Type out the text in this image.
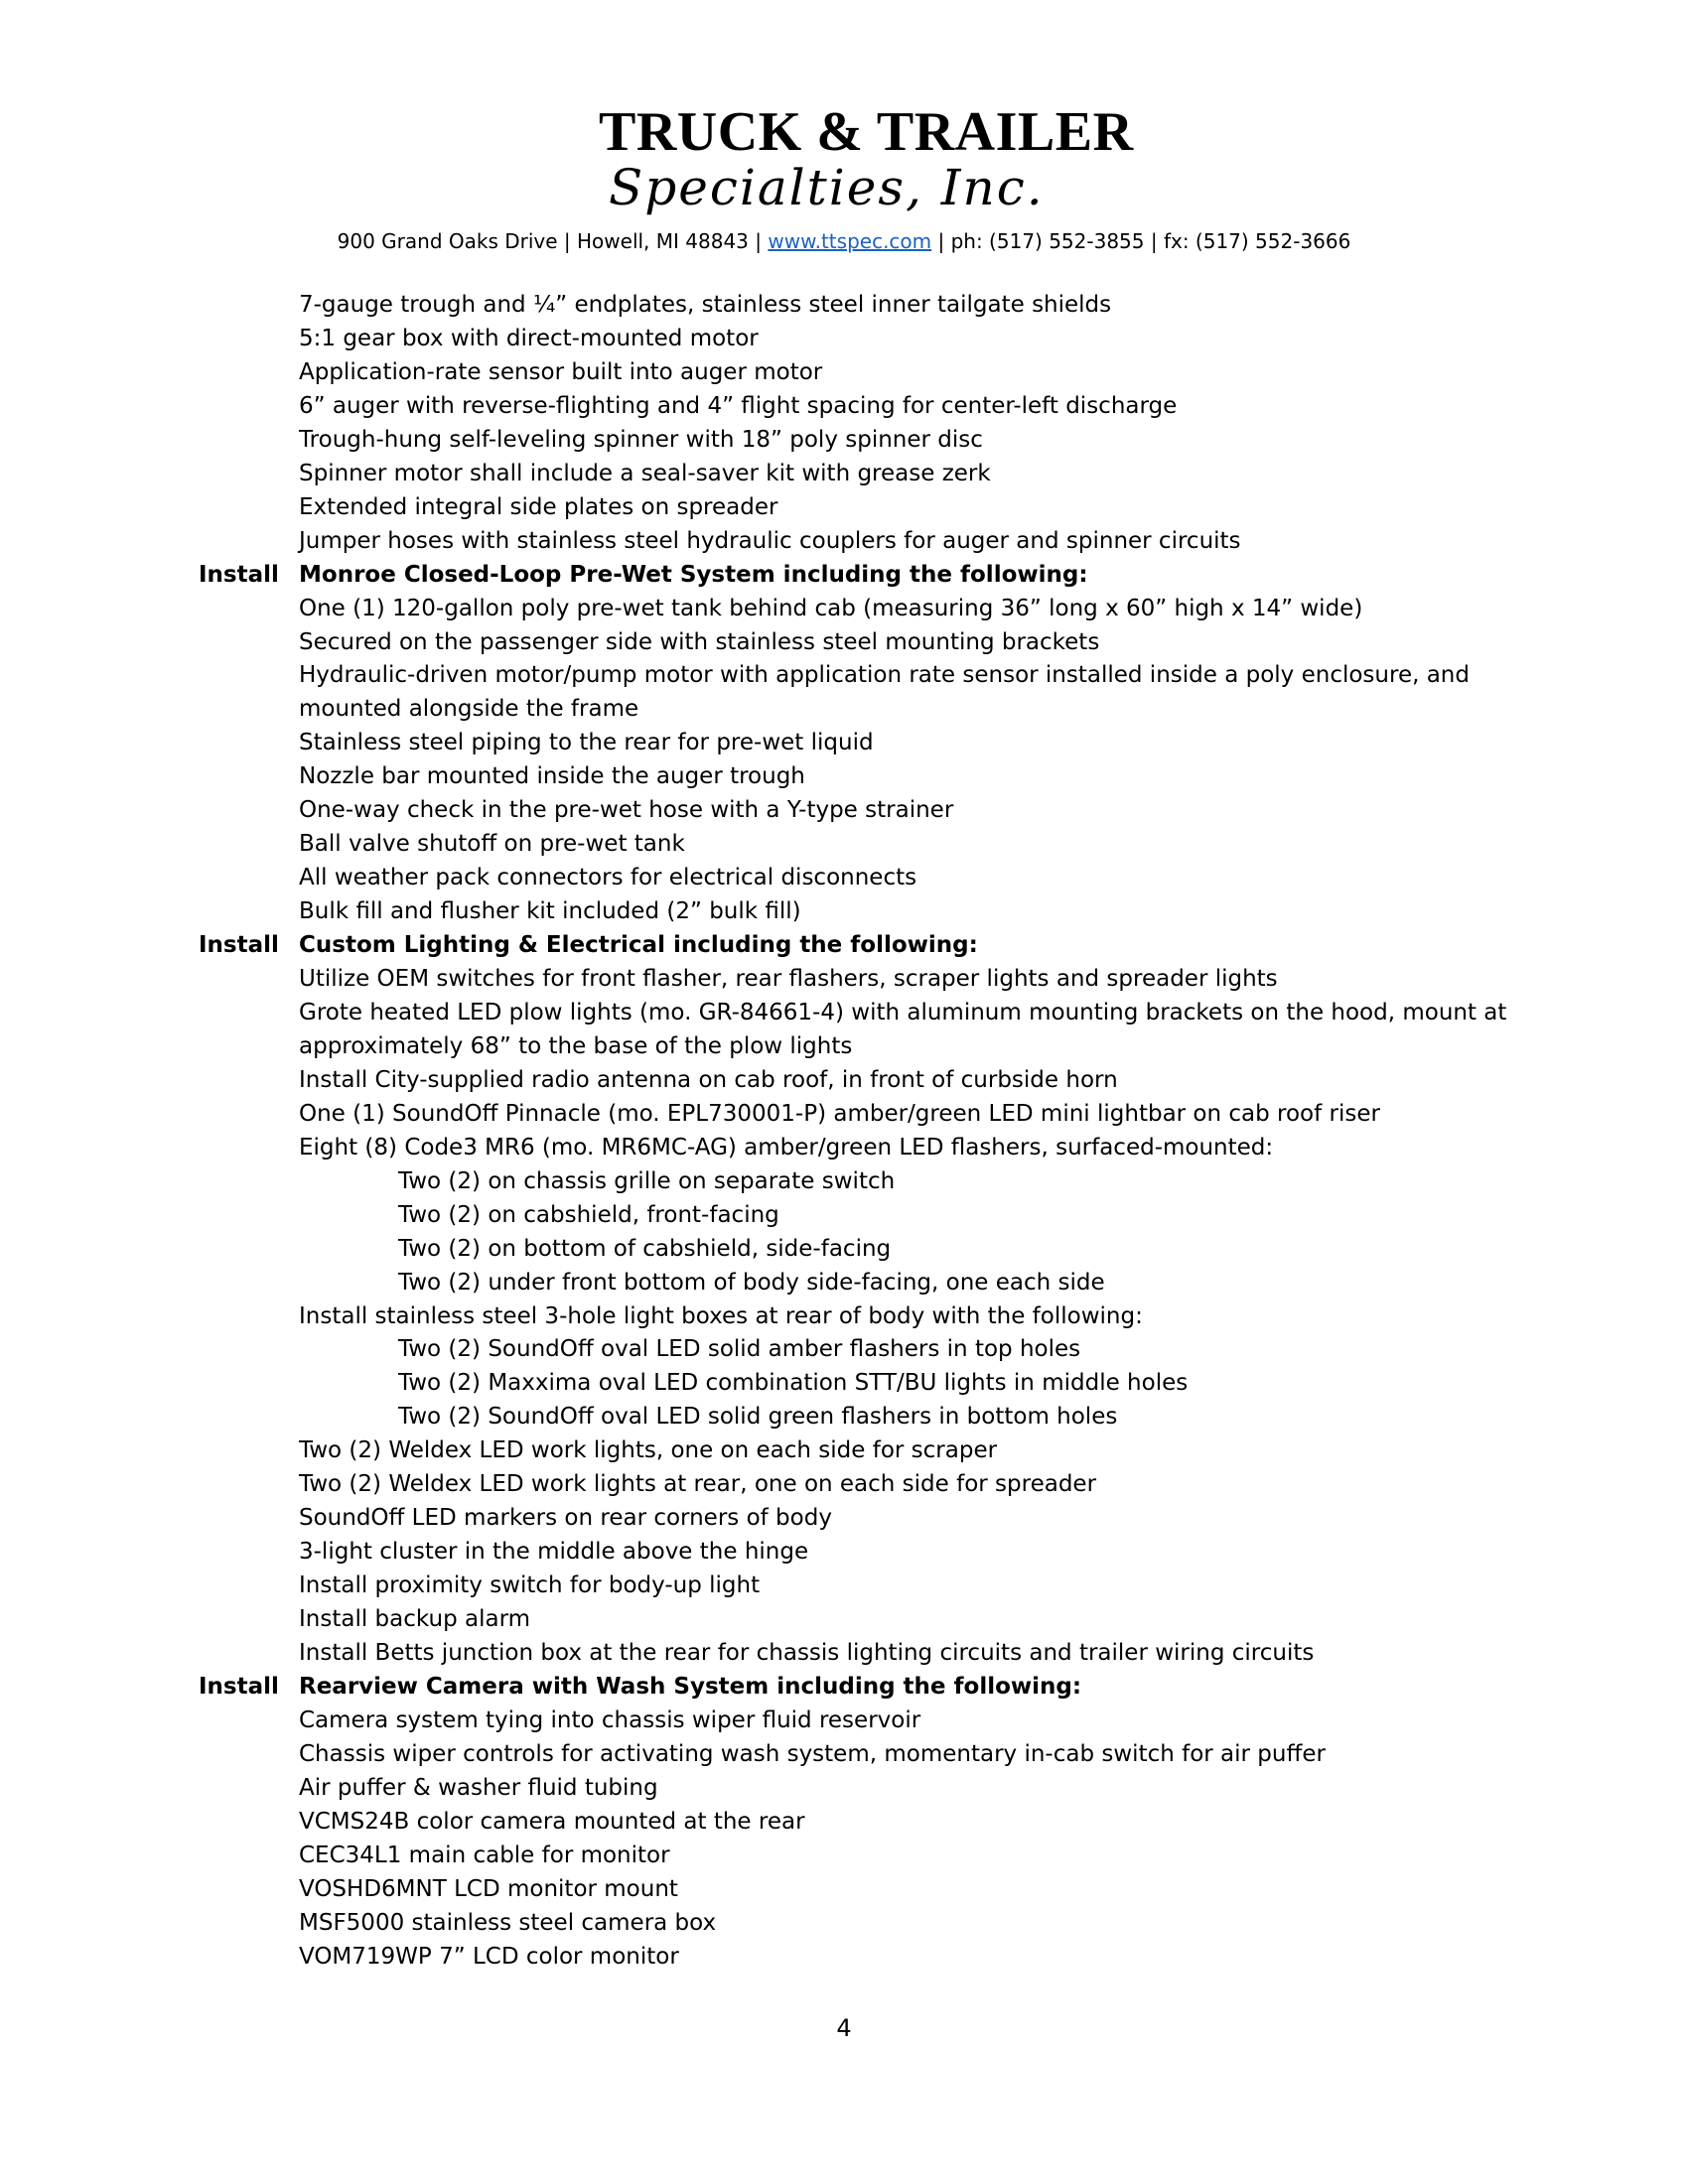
TRUCK & TRAILER
Specialties, Inc.
900 Grand Oaks Drive | Howell, MI 48843 | www.ttspec.com | ph: (517) 552-3855 | fx: (517) 552-3666
7-gauge trough and ¼” endplates, stainless steel inner tailgate shields
5:1 gear box with direct-mounted motor
Application-rate sensor built into auger motor
6” auger with reverse-flighting and 4” flight spacing for center-left discharge
Trough-hung self-leveling spinner with 18” poly spinner disc
Spinner motor shall include a seal-saver kit with grease zerk
Extended integral side plates on spreader
Jumper hoses with stainless steel hydraulic couplers for auger and spinner circuits
Install Monroe Closed-Loop Pre-Wet System including the following:
One (1) 120-gallon poly pre-wet tank behind cab (measuring 36” long x 60” high x 14” wide)
Secured on the passenger side with stainless steel mounting brackets
Hydraulic-driven motor/pump motor with application rate sensor installed inside a poly enclosure, and
mounted alongside the frame
Stainless steel piping to the rear for pre-wet liquid
Nozzle bar mounted inside the auger trough
One-way check in the pre-wet hose with a Y-type strainer
Ball valve shutoff on pre-wet tank
All weather pack connectors for electrical disconnects
Bulk fill and flusher kit included (2” bulk fill)
Install Custom Lighting & Electrical including the following:
Utilize OEM switches for front flasher, rear flashers, scraper lights and spreader lights
Grote heated LED plow lights (mo. GR-84661-4) with aluminum mounting brackets on the hood, mount at
approximately 68” to the base of the plow lights
Install City-supplied radio antenna on cab roof, in front of curbside horn
One (1) SoundOff Pinnacle (mo. EPL730001-P) amber/green LED mini lightbar on cab roof riser
Eight (8) Code3 MR6 (mo. MR6MC-AG) amber/green LED flashers, surfaced-mounted:
Two (2) on chassis grille on separate switch
Two (2) on cabshield, front-facing
Two (2) on bottom of cabshield, side-facing
Two (2) under front bottom of body side-facing, one each side
Install stainless steel 3-hole light boxes at rear of body with the following:
Two (2) SoundOff oval LED solid amber flashers in top holes
Two (2) Maxxima oval LED combination STT/BU lights in middle holes
Two (2) SoundOff oval LED solid green flashers in bottom holes
Two (2) Weldex LED work lights, one on each side for scraper
Two (2) Weldex LED work lights at rear, one on each side for spreader
SoundOff LED markers on rear corners of body
3-light cluster in the middle above the hinge
Install proximity switch for body-up light
Install backup alarm
Install Betts junction box at the rear for chassis lighting circuits and trailer wiring circuits
Install Rearview Camera with Wash System including the following:
Camera system tying into chassis wiper fluid reservoir
Chassis wiper controls for activating wash system, momentary in-cab switch for air puffer
Air puffer & washer fluid tubing
VCMS24B color camera mounted at the rear
CEC34L1 main cable for monitor
VOSHD6MNT LCD monitor mount
MSF5000 stainless steel camera box
VOM719WP 7” LCD color monitor
4
